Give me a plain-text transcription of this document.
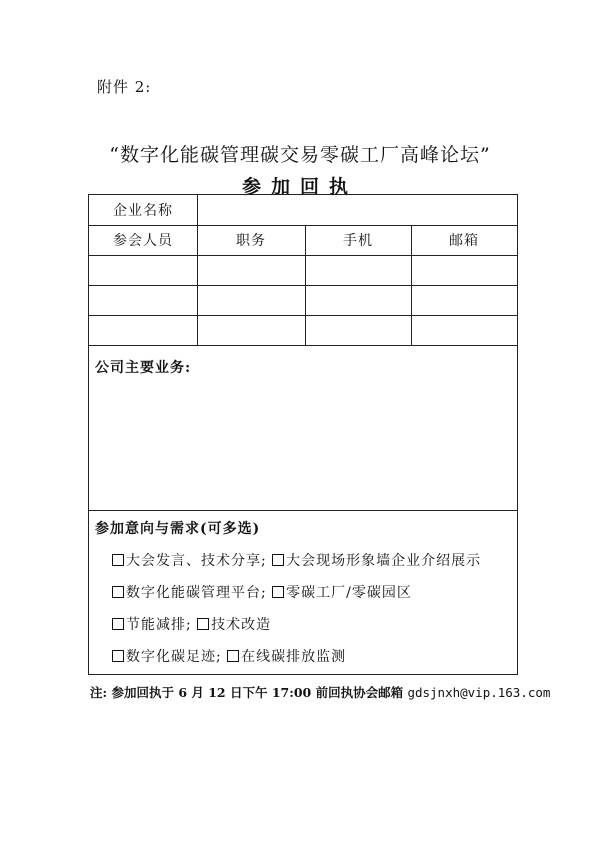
附件 2:
“数字化能碳管理碳交易零碳工厂高峰论坛”
参加回执
企业名称
参会人员	职务	手机	邮箱
公司主要业务:
参加意向与需求(可多选)
大会发言、技术分享; 大会现场形象墙企业介绍展示
数字化能碳管理平台; 零碳工厂/零碳园区
节能减排; 技术改造
数字化碳足迹; 在线碳排放监测
注: 参加回执于 6 月 12 日下午 17:00 前回执协会邮箱 gdsjnxh@vip.163.com
